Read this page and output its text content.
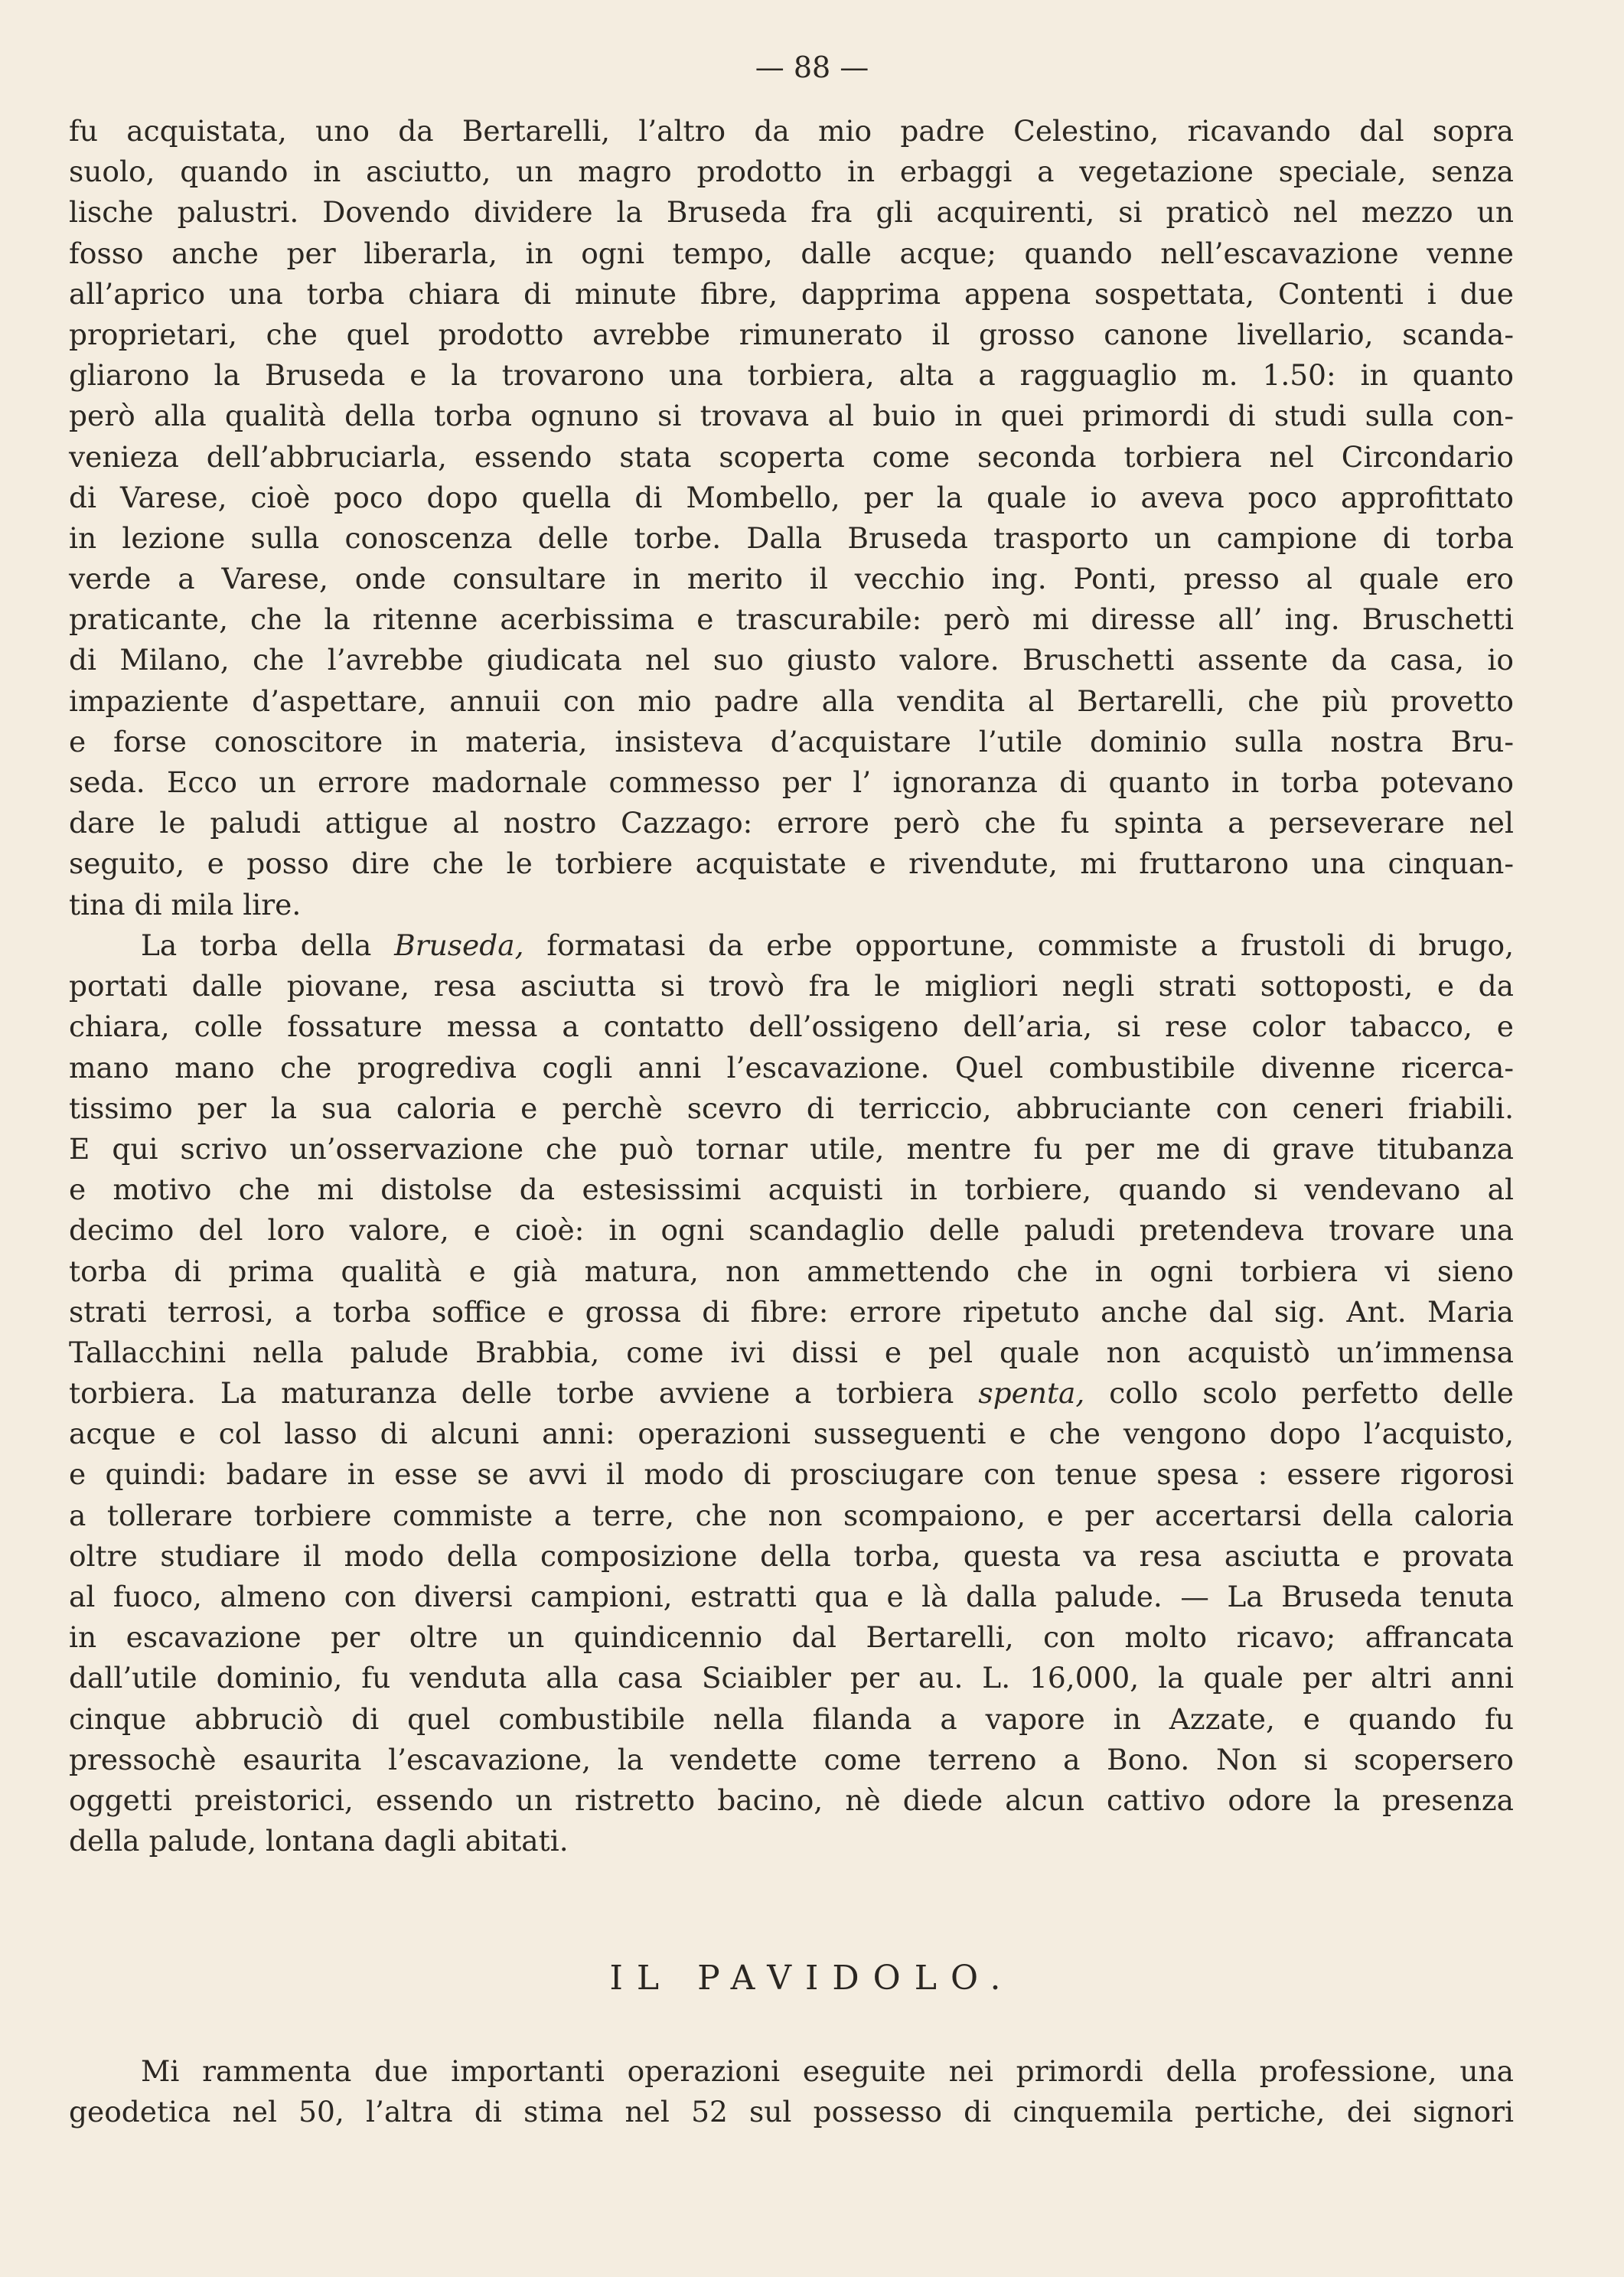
— 88 —
fu acquistata, uno da Bertarelli, l’altro da mio padre Celestino, ricavando dal sopra
suolo, quando in asciutto, un magro prodotto in erbaggi a vegetazione speciale, senza
lische palustri. Dovendo dividere la Bruseda fra gli acquirenti, si praticò nel mezzo un
fosso anche per liberarla, in ogni tempo, dalle acque; quando nell’escavazione venne
all’aprico una torba chiara di minute fibre, dapprima appena sospettata, Contenti i due
proprietari, che quel prodotto avrebbe rimunerato il grosso canone livellario, scanda-
gliarono la Bruseda e la trovarono una torbiera, alta a ragguaglio m. 1.50: in quanto
però alla qualità della torba ognuno si trovava al buio in quei primordi di studi sulla con-
venieza dell’abbruciarla, essendo stata scoperta come seconda torbiera nel Circondario
di Varese, cioè poco dopo quella di Mombello, per la quale io aveva poco approfittato
in lezione sulla conoscenza delle torbe. Dalla Bruseda trasporto un campione di torba
verde a Varese, onde consultare in merito il vecchio ing. Ponti, presso al quale ero
praticante, che la ritenne acerbissima e trascurabile: però mi diresse all’ ing. Bruschetti
di Milano, che l’avrebbe giudicata nel suo giusto valore. Bruschetti assente da casa, io
impaziente d’aspettare, annuii con mio padre alla vendita al Bertarelli, che più provetto
e forse conoscitore in materia, insisteva d’acquistare l’utile dominio sulla nostra Bru-
seda. Ecco un errore madornale commesso per l’ ignoranza di quanto in torba potevano
dare le paludi attigue al nostro Cazzago: errore però che fu spinta a perseverare nel
seguito, e posso dire che le torbiere acquistate e rivendute, mi fruttarono una cinquan-
tina di mila lire.
La torba della Bruseda, formatasi da erbe opportune, commiste a frustoli di brugo,
portati dalle piovane, resa asciutta si trovò fra le migliori negli strati sottoposti, e da
chiara, colle fossature messa a contatto dell’ossigeno dell’aria, si rese color tabacco, e
mano mano che progrediva cogli anni l’escavazione. Quel combustibile divenne ricerca-
tissimo per la sua caloria e perchè scevro di terriccio, abbruciante con ceneri friabili.
E qui scrivo un’osservazione che può tornar utile, mentre fu per me di grave titubanza
e motivo che mi distolse da estesissimi acquisti in torbiere, quando si vendevano al
decimo del loro valore, e cioè: in ogni scandaglio delle paludi pretendeva trovare una
torba di prima qualità e già matura, non ammettendo che in ogni torbiera vi sieno
strati terrosi, a torba soffice e grossa di fibre: errore ripetuto anche dal sig. Ant. Maria
Tallacchini nella palude Brabbia, come ivi dissi e pel quale non acquistò un’immensa
torbiera. La maturanza delle torbe avviene a torbiera spenta, collo scolo perfetto delle
acque e col lasso di alcuni anni: operazioni susseguenti e che vengono dopo l’acquisto,
e quindi: badare in esse se avvi il modo di prosciugare con tenue spesa : essere rigorosi
a tollerare torbiere commiste a terre, che non scompaiono, e per accertarsi della caloria
oltre studiare il modo della composizione della torba, questa va resa asciutta e provata
al fuoco, almeno con diversi campioni, estratti qua e là dalla palude. — La Bruseda tenuta
in escavazione per oltre un quindicennio dal Bertarelli, con molto ricavo; affrancata
dall’utile dominio, fu venduta alla casa Sciaibler per au. L. 16,000, la quale per altri anni
cinque abbruciò di quel combustibile nella filanda a vapore in Azzate, e quando fu
pressochè esaurita l’escavazione, la vendette come terreno a Bono. Non si scopersero
oggetti preistorici, essendo un ristretto bacino, nè diede alcun cattivo odore la presenza
della palude, lontana dagli abitati.
IL PAVIDOLO.
Mi rammenta due importanti operazioni eseguite nei primordi della professione, una
geodetica nel 50, l’altra di stima nel 52 sul possesso di cinquemila pertiche, dei signori
